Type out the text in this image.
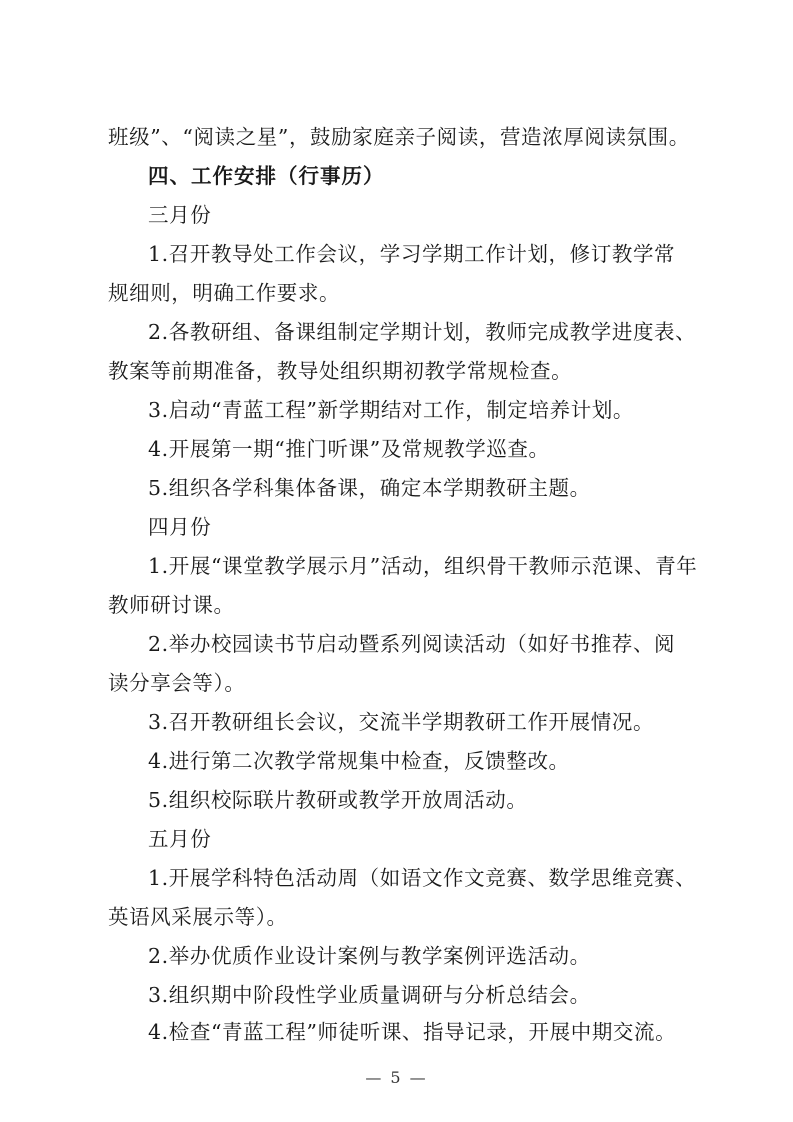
班级”、“阅读之星”，鼓励家庭亲子阅读，营造浓厚阅读氛围。
四、工作安排（行事历）
三月份
1.召开教导处工作会议，学习学期工作计划，修订教学常
规细则，明确工作要求。
2.各教研组、备课组制定学期计划，教师完成教学进度表、
教案等前期准备，教导处组织期初教学常规检查。
3.启动“青蓝工程”新学期结对工作，制定培养计划。
4.开展第一期“推门听课”及常规教学巡查。
5.组织各学科集体备课，确定本学期教研主题。
四月份
1.开展“课堂教学展示月”活动，组织骨干教师示范课、青年
教师研讨课。
2.举办校园读书节启动暨系列阅读活动（如好书推荐、阅
读分享会等）。
3.召开教研组长会议，交流半学期教研工作开展情况。
4.进行第二次教学常规集中检查，反馈整改。
5.组织校际联片教研或教学开放周活动。
五月份
1.开展学科特色活动周（如语文作文竞赛、数学思维竞赛、
英语风采展示等）。
2.举办优质作业设计案例与教学案例评选活动。
3.组织期中阶段性学业质量调研与分析总结会。
4.检查“青蓝工程”师徒听课、指导记录，开展中期交流。
— 5 —
